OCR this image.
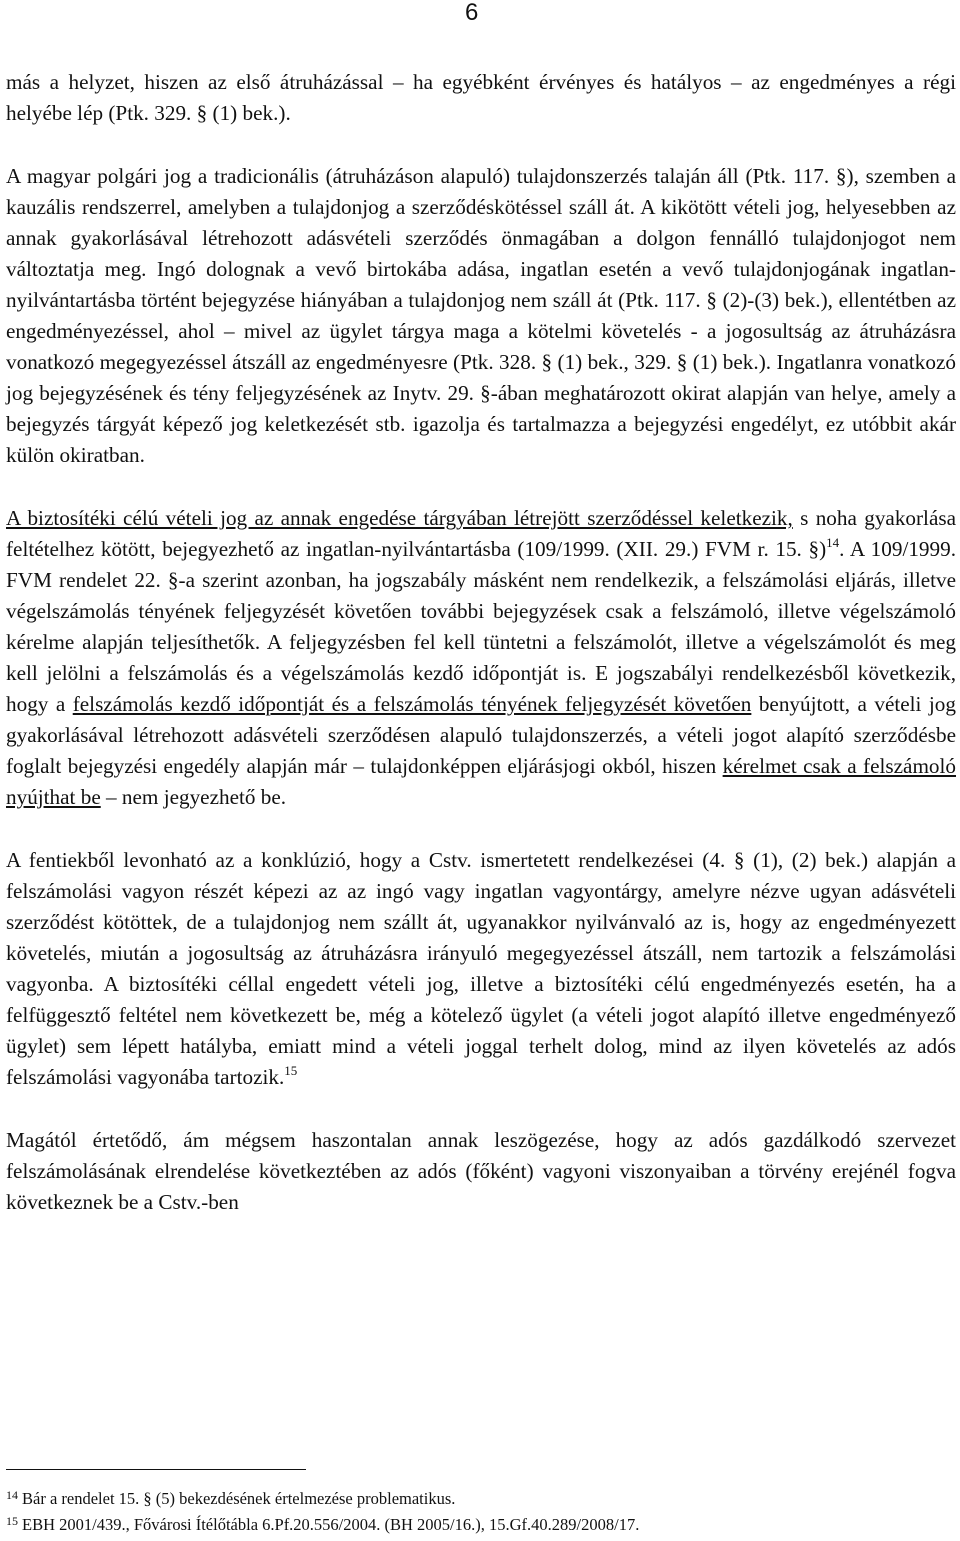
6

más a helyzet, hiszen az első átruházással – ha egyébként érvényes és hatályos – az engedményes a régi helyébe lép (Ptk. 329. § (1) bek.).

A magyar polgári jog a tradicionális (átruházáson alapuló) tulajdonszerzés talaján áll (Ptk. 117. §), szemben a kauzális rendszerrel, amelyben a tulajdonjog a szerződéskötéssel száll át. A kikötött vételi jog, helyesebben az annak gyakorlásával létrehozott adásvételi szerződés önmagában a dolgon fennálló tulajdonjogot nem változtatja meg. Ingó dolognak a vevő birtokába adása, ingatlan esetén a vevő tulajdonjogának ingatlan-nyilvántartásba történt bejegyzése hiányában a tulajdonjog nem száll át (Ptk. 117. § (2)-(3) bek.), ellentétben az engedményezéssel, ahol – mivel az ügylet tárgya maga a kötelmi követelés - a jogosultság az átruházásra vonatkozó megegyezéssel átszáll az engedményesre (Ptk. 328. § (1) bek., 329. § (1) bek.). Ingatlanra vonatkozó jog bejegyzésének és tény feljegyzésének az Inytv. 29. §-ában meghatározott okirat alapján van helye, amely a bejegyzés tárgyát képező jog keletkezését stb. igazolja és tartalmazza a bejegyzési engedélyt, ez utóbbit akár külön okiratban.

A biztosítéki célú vételi jog az annak engedése tárgyában létrejött szerződéssel keletkezik, s noha gyakorlása feltételhez kötött, bejegyezhető az ingatlan-nyilvántartásba (109/1999. (XII. 29.) FVM r. 15. §)$^{14}$. A 109/1999. FVM rendelet 22. §-a szerint azonban, ha jogszabály másként nem rendelkezik, a felszámolási eljárás, illetve végelszámolás tényének feljegyzését követően további bejegyzések csak a felszámoló, illetve végelszámoló kérelme alapján teljesíthetők. A feljegyzésben fel kell tüntetni a felszámolót, illetve a végelszámolót és meg kell jelölni a felszámolás és a végelszámolás kezdő időpontját is. E jogszabályi rendelkezésből következik, hogy a felszámolás kezdő időpontját és a felszámolás tényének feljegyzését követően benyújtott, a vételi jog gyakorlásával létrehozott adásvételi szerződésen alapuló tulajdonszerzés, a vételi jogot alapító szerződésbe foglalt bejegyzési engedély alapján már – tulajdonképpen eljárásjogi okból, hiszen kérelmet csak a felszámoló nyújthat be – nem jegyezhető be.

A fentiekből levonható az a konklúzió, hogy a Cstv. ismertetett rendelkezései (4. § (1), (2) bek.) alapján a felszámolási vagyon részét képezi az az ingó vagy ingatlan vagyontárgy, amelyre nézve ugyan adásvételi szerződést kötöttek, de a tulajdonjog nem szállt át, ugyanakkor nyilvánvaló az is, hogy az engedményezett követelés, miután a jogosultság az átruházásra irányuló megegyezéssel átszáll, nem tartozik a felszámolási vagyonba. A biztosítéki céllal engedett vételi jog, illetve a biztosítéki célú engedményezés esetén, ha a felfüggesztő feltétel nem következett be, még a kötelező ügylet (a vételi jogot alapító illetve engedményező ügylet) sem lépett hatályba, emiatt mind a vételi joggal terhelt dolog, mind az ilyen követelés az adós felszámolási vagyonába tartozik.$^{15}$

Magától értetődő, ám mégsem haszontalan annak leszögezése, hogy az adós gazdálkodó szervezet felszámolásának elrendelése következtében az adós (főként) vagyoni viszonyaiban a törvény erejénél fogva következnek be a Cstv.-ben

$^{14}$ Bár a rendelet 15. § (5) bekezdésének értelmezése problematikus.

$^{15}$ EBH 2001/439., Fővárosi Ítélőtábla 6.Pf.20.556/2004. (BH 2005/16.), 15.Gf.40.289/2008/17.
